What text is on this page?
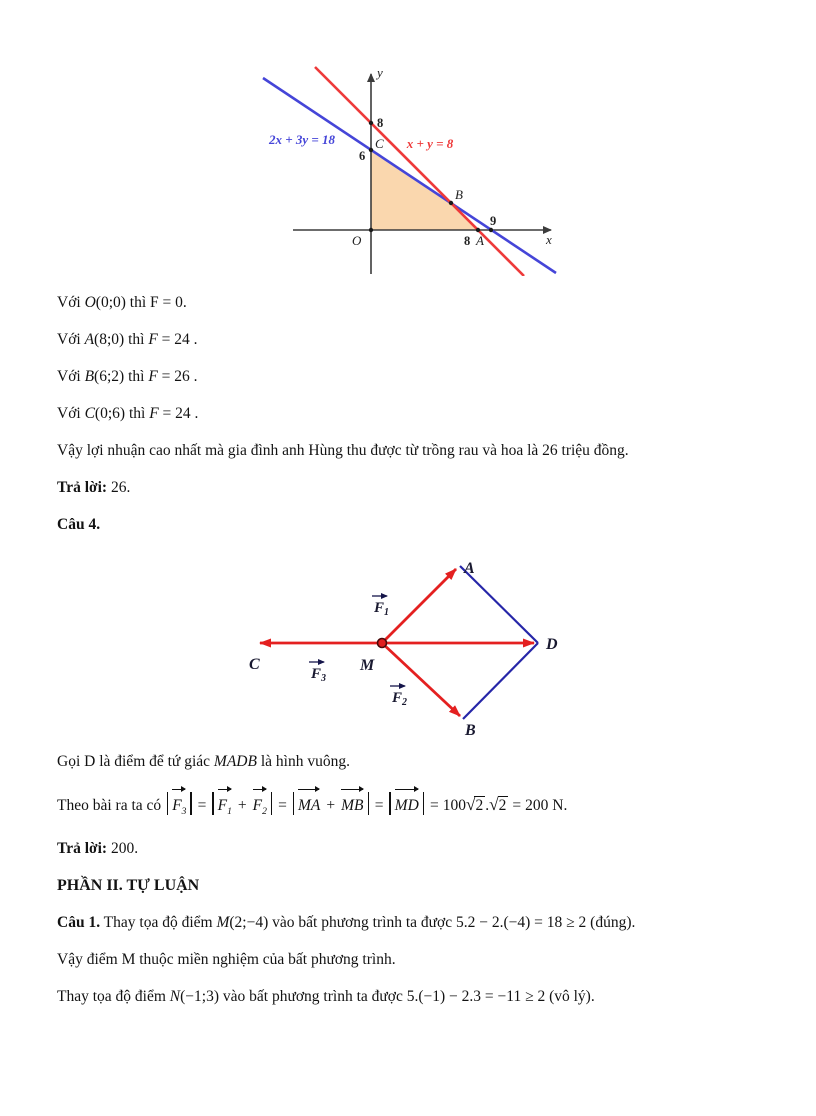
y
x
8
6
9
8
2x + 3y = 18	x + y = 8
C
B
A
O

Với O(0;0) thì F = 0.

Với A(8;0) thì F = 24 .

Với B(6;2) thì F = 26 .

Với C(0;6) thì F = 24 .

Vậy lợi nhuận cao nhất mà gia đình anh Hùng thu được từ trồng rau và hoa là 26 triệu đồng.

Trả lời: 26.

Câu 4.

A
D
B
C	M
$F_1$
$F_2$
$F_3$

Gọi D là điểm để tứ giác MADB là hình vuông.

Theo bài ra ta có
$F_3 = F_1 + F_2$ = MA + MB = MD = 100√2 .√2 = 200 N.

Trả lời: 200.

PHẦN II. TỰ LUẬN

Câu 1. Thay tọa độ điểm M(2;−4) vào bất phương trình ta được 5.2 − 2.(−4) = 18 ≥ 2 (đúng).

Vậy điểm M thuộc miền nghiệm của bất phương trình.

Thay tọa độ điểm N(−1;3) vào bất phương trình ta được 5.(−1) − 2.3 = −11 ≥ 2 (vô lý).
